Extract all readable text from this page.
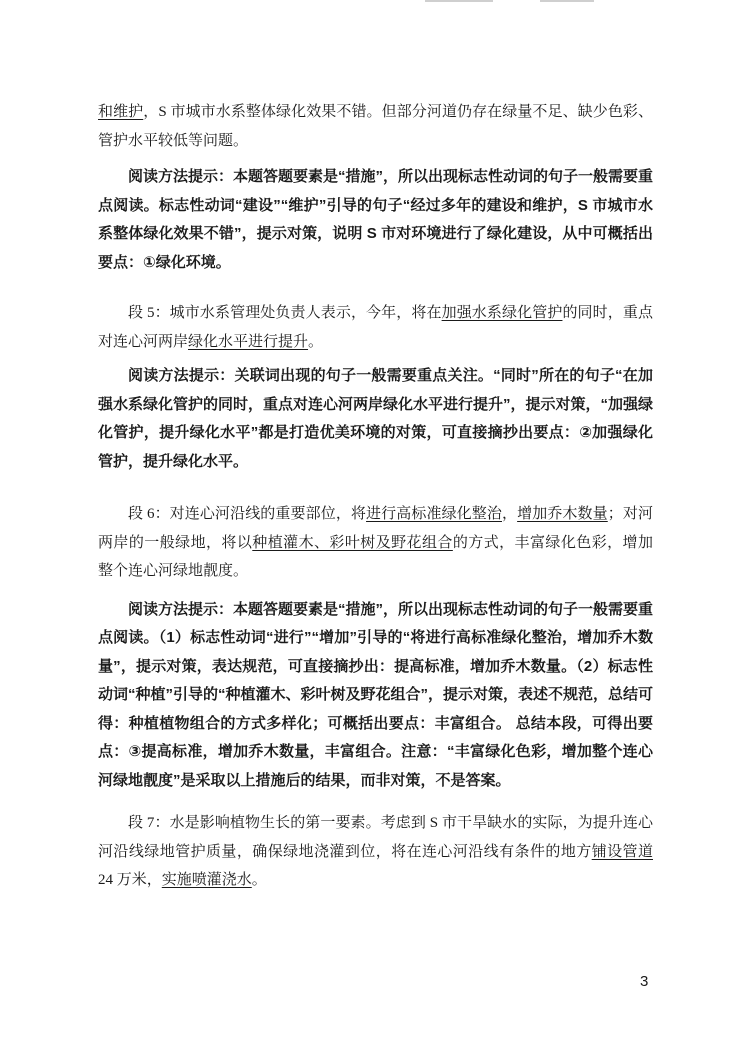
和维护，S 市城市水系整体绿化效果不错。但部分河道仍存在绿量不足、缺少色彩、管护水平较低等问题。

阅读方法提示：本题答题要素是“措施”，所以出现标志性动词的句子一般需要重点阅读。标志性动词“建设”“维护”引导的句子“经过多年的建设和维护，S 市城市水系整体绿化效果不错”，提示对策，说明 S 市对环境进行了绿化建设，从中可概括出要点：①绿化环境。

段 5：城市水系管理处负责人表示，今年，将在加强水系绿化管护的同时，重点对连心河两岸绿化水平进行提升。

阅读方法提示：关联词出现的句子一般需要重点关注。“同时”所在的句子“在加强水系绿化管护的同时，重点对连心河两岸绿化水平进行提升”，提示对策，“加强绿化管护，提升绿化水平”都是打造优美环境的对策，可直接摘抄出要点：②加强绿化管护，提升绿化水平。

段 6：对连心河沿线的重要部位，将进行高标准绿化整治，增加乔木数量；对河两岸的一般绿地，将以种植灌木、彩叶树及野花组合的方式，丰富绿化色彩，增加整个连心河绿地靓度。

阅读方法提示：本题答题要素是“措施”，所以出现标志性动词的句子一般需要重点阅读。（1）标志性动词“进行”“增加”引导的“将进行高标准绿化整治，增加乔木数量”，提示对策，表达规范，可直接摘抄出：提高标准，增加乔木数量。（2）标志性动词“种植”引导的“种植灌木、彩叶树及野花组合”，提示对策，表述不规范，总结可得：种植植物组合的方式多样化；可概括出要点：丰富组合。 总结本段，可得出要点：③提高标准，增加乔木数量，丰富组合。注意：“丰富绿化色彩，增加整个连心河绿地靓度”是采取以上措施后的结果，而非对策，不是答案。

段 7：水是影响植物生长的第一要素。考虑到 S 市干旱缺水的实际，为提升连心河沿线绿地管护质量，确保绿地浇灌到位，将在连心河沿线有条件的地方铺设管道24 万米，实施喷灌浇水。

3
